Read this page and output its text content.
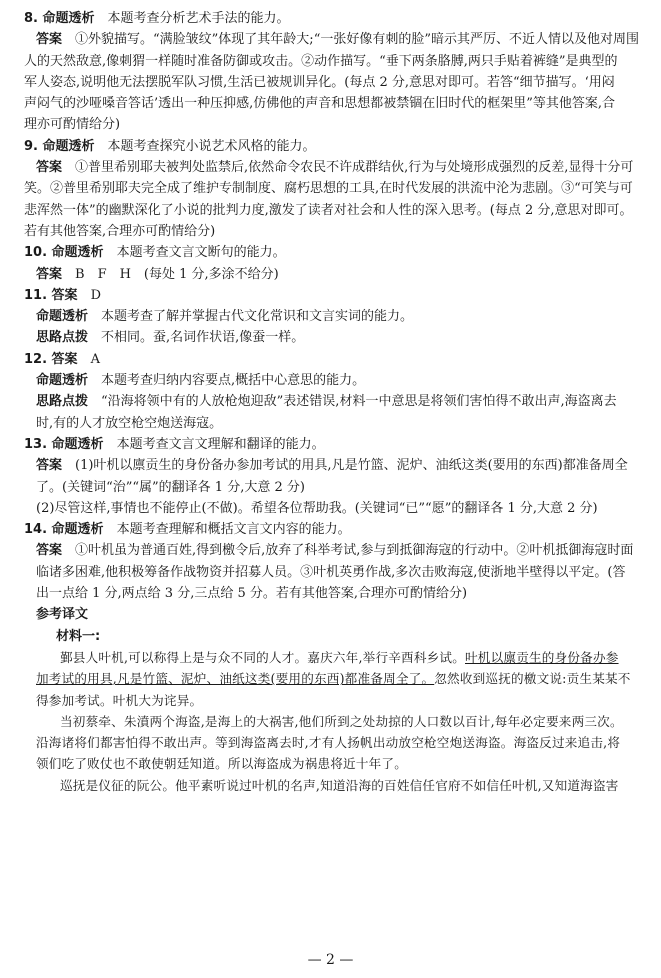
8. 命题透析　本题考查分析艺术手法的能力。
答案　①外貌描写。“满脸皱纹”体现了其年龄大;“一张好像有刺的脸”暗示其严厉、不近人情以及他对周围
人的天然敌意,像刺猬一样随时准备防御或攻击。②动作描写。“垂下两条胳膊,两只手贴着裤缝”是典型的
军人姿态,说明他无法摆脱军队习惯,生活已被规训异化。(每点 2 分,意思对即可。若答“细节描写。‘用闷
声闷气的沙哑嗓音答话’透出一种压抑感,仿佛他的声音和思想都被禁锢在旧时代的框架里”等其他答案,合
理亦可酌情给分)
9. 命题透析　本题考查探究小说艺术风格的能力。
答案　①普里希别耶夫被判处监禁后,依然命令农民不许成群结伙,行为与处境形成强烈的反差,显得十分可
笑。②普里希别耶夫完全成了维护专制制度、腐朽思想的工具,在时代发展的洪流中沦为悲剧。③“可笑与可
悲浑然一体”的幽默深化了小说的批判力度,激发了读者对社会和人性的深入思考。(每点 2 分,意思对即可。
若有其他答案,合理亦可酌情给分)
10. 命题透析　本题考查文言文断句的能力。
答案　B　F　H　(每处 1 分,多涂不给分)
11. 答案　D
命题透析　本题考查了解并掌握古代文化常识和文言实词的能力。
思路点拨　不相同。蚕,名词作状语,像蚕一样。
12. 答案　A
命题透析　本题考查归纳内容要点,概括中心意思的能力。
思路点拨　“沿海将领中有的人放枪炮迎敌”表述错误,材料一中意思是将领们害怕得不敢出声,海盗离去
时,有的人才放空枪空炮送海寇。
13. 命题透析　本题考查文言文理解和翻译的能力。
答案　(1)叶机以廪贡生的身份备办参加考试的用具,凡是竹篮、泥炉、油纸这类(要用的东西)都准备周全
了。(关键词“治”“属”的翻译各 1 分,大意 2 分)
(2)尽管这样,事情也不能停止(不做)。希望各位帮助我。(关键词“已”“愿”的翻译各 1 分,大意 2 分)
14. 命题透析　本题考查理解和概括文言文内容的能力。
答案　①叶机虽为普通百姓,得到檄令后,放弃了科举考试,参与到抵御海寇的行动中。②叶机抵御海寇时面
临诸多困难,他积极筹备作战物资并招募人员。③叶机英勇作战,多次击败海寇,使浙地半壁得以平定。(答
出一点给 1 分,两点给 3 分,三点给 5 分。若有其他答案,合理亦可酌情给分)
参考译文
材料一:
鄞县人叶机,可以称得上是与众不同的人才。嘉庆六年,举行辛酉科乡试。叶机以廪贡生的身份备办参
加考试的用具,凡是竹篮、泥炉、油纸这类(要用的东西)都准备周全了。忽然收到巡抚的檄文说:贡生某某不
得参加考试。叶机大为诧异。
当初蔡牵、朱濆两个海盗,是海上的大祸害,他们所到之处劫掠的人口数以百计,每年必定要来两三次。
沿海诸将们都害怕得不敢出声。等到海盗离去时,才有人扬帆出动放空枪空炮送海盗。海盗反过来追击,将
领们吃了败仗也不敢使朝廷知道。所以海盗成为祸患将近十年了。
巡抚是仪征的阮公。他平素听说过叶机的名声,知道沿海的百姓信任官府不如信任叶机,又知道海盗害
— 2 —
